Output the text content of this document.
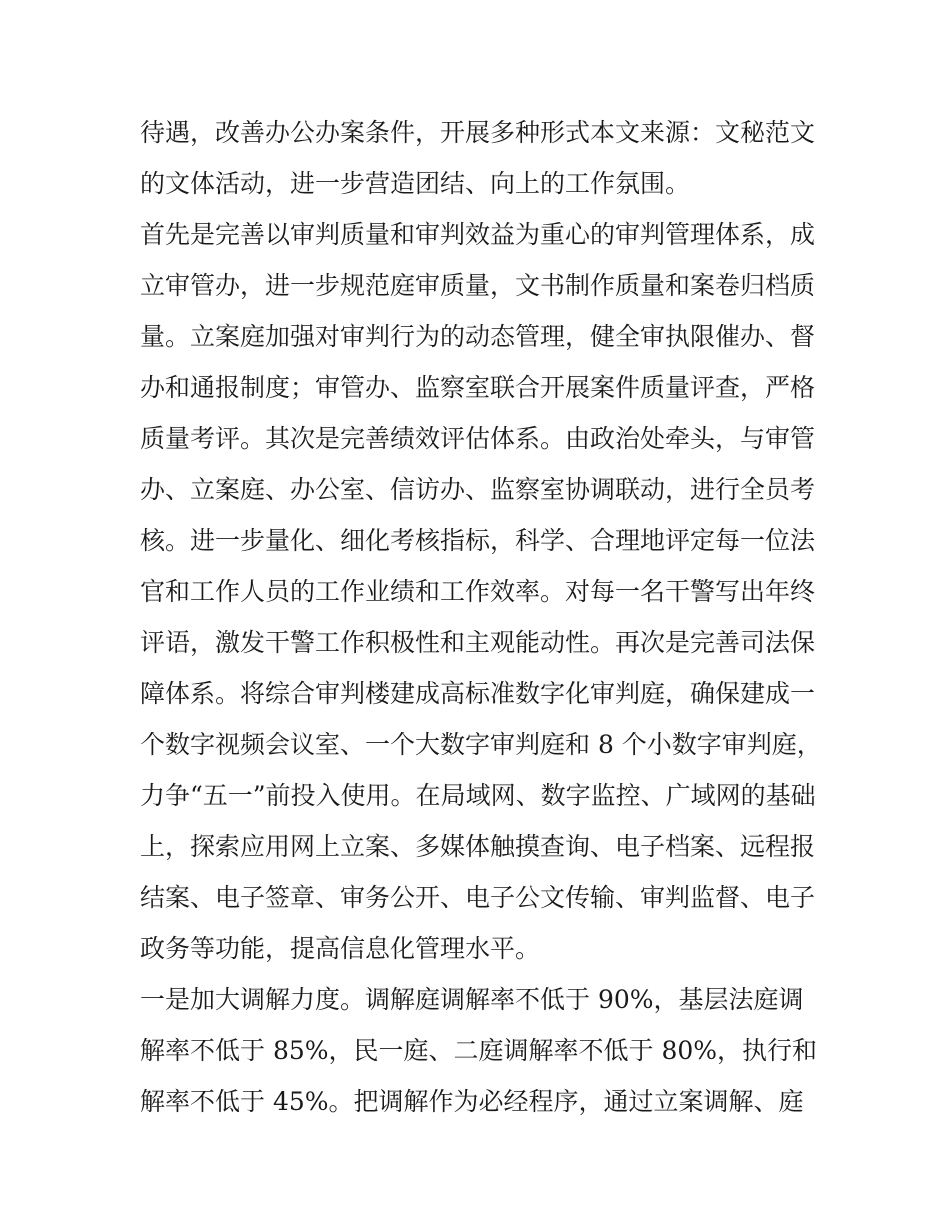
待遇，改善办公办案条件，开展多种形式本文来源：文秘范文
的文体活动，进一步营造团结、向上的工作氛围。
首先是完善以审判质量和审判效益为重心的审判管理体系，成
立审管办，进一步规范庭审质量，文书制作质量和案卷归档质
量。立案庭加强对审判行为的动态管理，健全审执限催办、督
办和通报制度；审管办、监察室联合开展案件质量评查，严格
质量考评。其次是完善绩效评估体系。由政治处牵头，与审管
办、立案庭、办公室、信访办、监察室协调联动，进行全员考
核。进一步量化、细化考核指标，科学、合理地评定每一位法
官和工作人员的工作业绩和工作效率。对每一名干警写出年终
评语，激发干警工作积极性和主观能动性。再次是完善司法保
障体系。将综合审判楼建成高标准数字化审判庭，确保建成一
个数字视频会议室、一个大数字审判庭和 8 个小数字审判庭，
力争“五一”前投入使用。在局域网、数字监控、广域网的基础
上，探索应用网上立案、多媒体触摸查询、电子档案、远程报
结案、电子签章、审务公开、电子公文传输、审判监督、电子
政务等功能，提高信息化管理水平。
一是加大调解力度。调解庭调解率不低于 90%，基层法庭调
解率不低于 85%，民一庭、二庭调解率不低于 80%，执行和
解率不低于 45%。把调解作为必经程序，通过立案调解、庭
